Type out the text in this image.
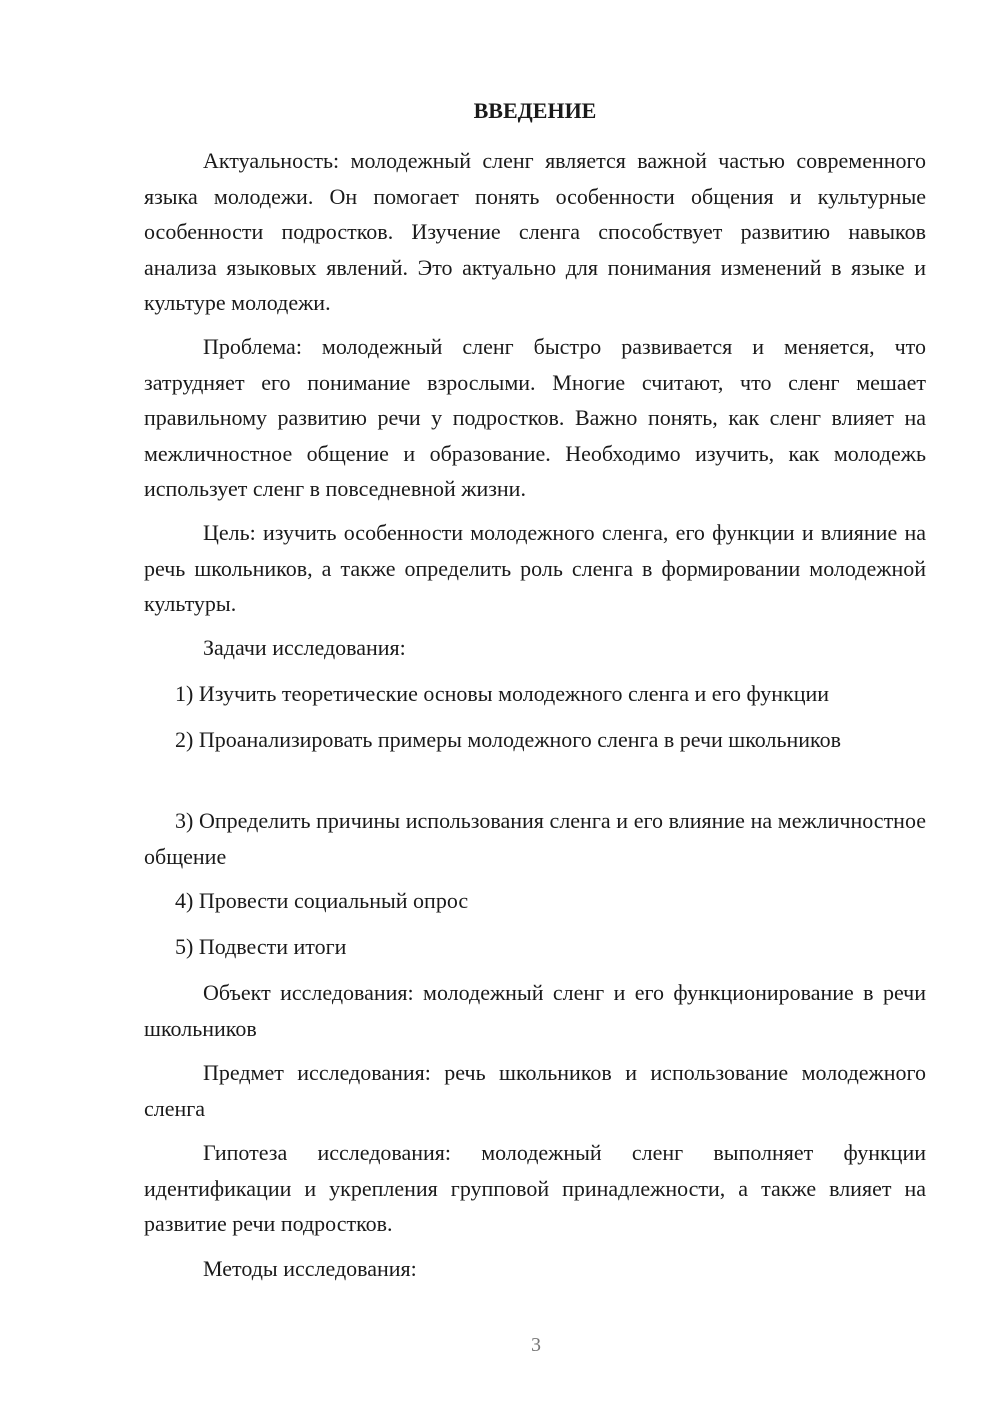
ВВЕДЕНИЕ

Актуальность: молодежный сленг является важной частью современного языка молодежи. Он помогает понять особенности общения и культурные особенности подростков. Изучение сленга способствует развитию навыков анализа языковых явлений. Это актуально для понимания изменений в языке и культуре молодежи.

Проблема: молодежный сленг быстро развивается и меняется, что затрудняет его понимание взрослыми. Многие считают, что сленг мешает правильному развитию речи у подростков. Важно понять, как сленг влияет на межличностное общение и образование. Необходимо изучить, как молодежь использует сленг в повседневной жизни.

Цель: изучить особенности молодежного сленга, его функции и влияние на речь школьников, а также определить роль сленга в формировании молодежной культуры.

Задачи исследования:

1) Изучить теоретические основы молодежного сленга и его функции

2) Проанализировать примеры молодежного сленга в речи школьников

3) Определить причины использования сленга и его влияние на межличностное общение

4) Провести социальный опрос

5) Подвести итоги

Объект исследования: молодежный сленг и его функционирование в речи школьников

Предмет исследования: речь школьников и использование молодежного сленга

Гипотеза исследования: молодежный сленг выполняет функции идентификации и укрепления групповой принадлежности, а также влияет на развитие речи подростков.

Методы исследования:

3
